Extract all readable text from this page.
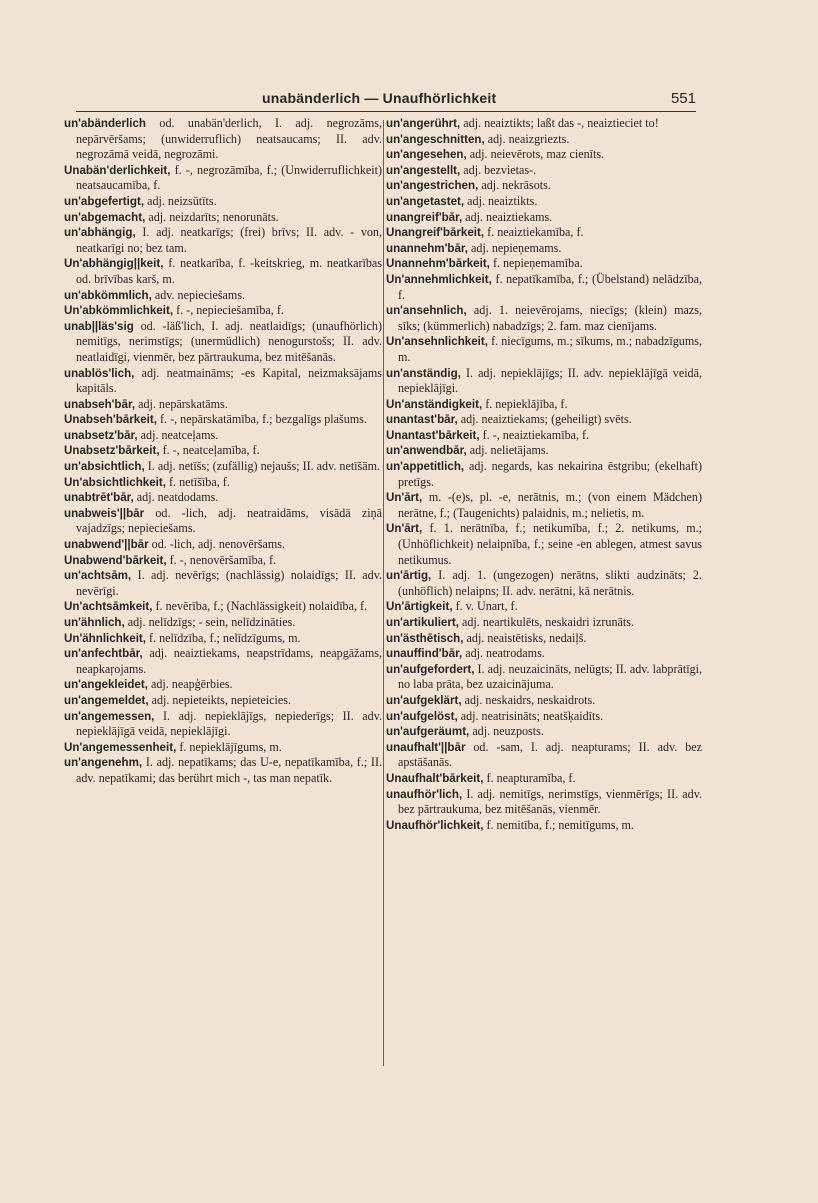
unabänderlich — Unaufhörlichkeit	551

un'abänderlich od. unabän'derlich, I. adj. negrozāms, nepārvēršams; (unwiderruflich) neatsaucams; II. adv. negrozāmā veidā, negrozāmi.

Unabän'derlichkeit, f. -, negrozāmība, f.; (Unwiderruflichkeit) neatsaucamība, f.

un'abgefertigt, adj. neizsūtīts.

un'abgemacht, adj. neizdarīts; nenorunāts.

un'abhängig, I. adj. neatkarīgs; (frei) brīvs; II. adv. - von, neatkarīgi no; bez tam.

Un'abhängig||keit, f. neatkarība, f. -keitskrieg, m. neatkarības od. brīvības karš, m.

un'abkömmlich, adv. nepieciešams.

Un'abkömmlichkeit, f. -, nepieciešamība, f.

unab||läs'sig od. -läß'lich, I. adj. neatlaidīgs; (unaufhörlich) nemitīgs, nerimstīgs; (unermüdlich) nenogurstošs; II. adv. neatlaidīgi, vienmēr, bez pārtraukuma, bez mitēšanās.

unablös'lich, adj. neatmaināms; -es Kapital, neizmaksājams kapitāls.

unabseh'bār, adj. nepārskatāms.

Unabseh'bārkeit, f. -, nepārskatāmība, f.; bezgalīgs plašums.

unabsetz'bār, adj. neatceļams.

Unabsetz'bārkeit, f. -, neatceļamība, f.

un'absichtlich, I. adj. netīšs; (zufällig) nejaušs; II. adv. netīšām.

Un'absichtlichkeit, f. netīšība, f.

unabtrēt'bār, adj. neatdodams.

unabweis'||bār od. -lich, adj. neatraidāms, visādā ziņā vajadzīgs; nepieciešams.

unabwend'||bār od. -lich, adj. nenovēršams.

Unabwend'bārkeit, f. -, nenovēršamība, f.

un'achtsām, I. adj. nevērīgs; (nachlässig) nolaidīgs; II. adv. nevērīgi.

Un'achtsāmkeit, f. nevērība, f.; (Nachlässigkeit) nolaidība, f.

un'ähnlich, adj. nelīdzīgs; - sein, nelīdzināties.

Un'ähnlichkeit, f. nelīdzība, f.; nelīdzīgums, m.

un'anfechtbār, adj. neaiztiekams, neapstrīdams, neapgāžams, neapkaŗojams.

un'angekleidet, adj. neapģērbies.

un'angemeldet, adj. nepieteikts, nepieteicies.

un'angemessen, I. adj. nepieklājīgs, nepiederīgs; II. adv. nepieklājīgā veidā, nepieklājīgi.

Un'angemessenheit, f. nepieklājīgums, m.

un'angenehm, I. adj. nepatīkams; das U-e, nepatīkamība, f.; II. adv. nepatīkami; das berührt mich -, tas man nepatīk.

un'angerührt, adj. neaiztikts; laßt das -, neaiztieciet to!

un'angeschnitten, adj. neaizgriezts.

un'angesehen, adj. neievērots, maz cienīts.

un'angestellt, adj. bezvietas-.

un'angestrichen, adj. nekrāsots.

un'angetastet, adj. neaiztikts.

unangreif'bār, adj. neaiztiekams.

Unangreif'bārkeit, f. neaiztiekamība, f.

unannehm'bār, adj. nepieņemams.

Unannehm'bārkeit, f. nepieņemamība.

Un'annehmlichkeit, f. nepatīkamība, f.; (Übelstand) nelādzība, f.

un'ansehnlich, adj. 1. neievērojams, niecīgs; (klein) mazs, sīks; (kümmerlich) nabadzīgs; 2. fam. maz cienījams.

Un'ansehnlichkeit, f. niecīgums, m.; sīkums, m.; nabadzīgums, m.

un'anständig, I. adj. nepieklājīgs; II. adv. nepieklājīgā veidā, nepieklājīgi.

Un'anständigkeit, f. nepieklājība, f.

unantast'bār, adj. neaiztiekams; (geheiligt) svēts.

Unantast'bārkeit, f. -, neaiztiekamība, f.

un'anwendbār, adj. nelietājams.

un'appetitlich, adj. negards, kas nekairina ēstgribu; (ekelhaft) pretīgs.

Un'ārt, m. -(e)s, pl. -e, nerātnis, m.; (von einem Mädchen) nerātne, f.; (Taugenichts) palaidnis, m.; nelietis, m.

Un'ārt, f. 1. nerātnība, f.; netikumība, f.; 2. netikums, m.; (Unhöflichkeit) nelaipnība, f.; seine -en ablegen, atmest savus netikumus.

un'ārtig, I. adj. 1. (ungezogen) nerātns, slikti audzināts; 2. (unhöflich) nelaipns; II. adv. nerātni, kā nerātnis.

Un'ārtigkeit, f. v. Unart, f.

un'artikuliert, adj. neartikulēts, neskaidri izrunāts.

un'ästhētisch, adj. neaistētisks, nedaiļš.

unauffind'bār, adj. neatrodams.

un'aufgefordert, I. adj. neuzaicināts, nelūgts; II. adv. labprātīgi, no laba prāta, bez uzaicinājuma.

un'aufgeklärt, adj. neskaidrs, neskaidrots.

un'aufgelöst, adj. neatrisināts; neatšķaidīts.

un'aufgeräumt, adj. neuzposts.

unaufhalt'||bār od. -sam, I. adj. neapturams; II. adv. bez apstāšanās.

Unaufhalt'bārkeit, f. neapturamība, f.

unaufhör'lich, I. adj. nemitīgs, nerimstīgs, vienmērīgs; II. adv. bez pārtraukuma, bez mitēšanās, vienmēr.

Unaufhör'lichkeit, f. nemitība, f.; nemitīgums, m.
